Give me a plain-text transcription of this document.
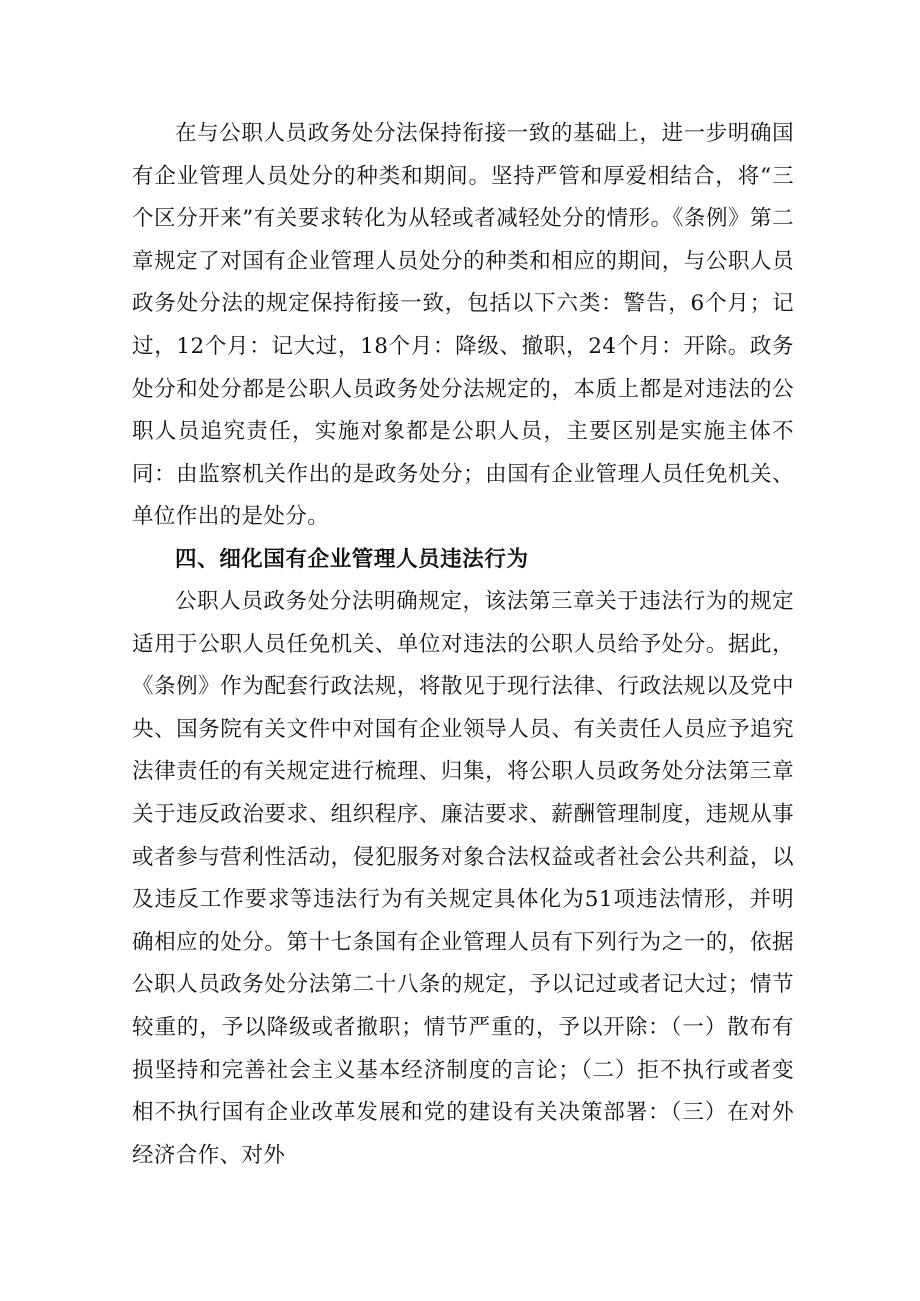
在与公职人员政务处分法保持衔接一致的基础上，进一步明确国有企业管理人员处分的种类和期间。坚持严管和厚爱相结合，将“三个区分开来”有关要求转化为从轻或者减轻处分的情形。《条例》第二章规定了对国有企业管理人员处分的种类和相应的期间，与公职人员政务处分法的规定保持衔接一致，包括以下六类：警告，6个月；记过，12个月：记大过，18个月：降级、撤职，24个月：开除。政务处分和处分都是公职人员政务处分法规定的，本质上都是对违法的公职人员追究责任，实施对象都是公职人员，主要区别是实施主体不同：由监察机关作出的是政务处分；由国有企业管理人员任免机关、单位作出的是处分。

四、细化国有企业管理人员违法行为

公职人员政务处分法明确规定，该法第三章关于违法行为的规定适用于公职人员任免机关、单位对违法的公职人员给予处分。据此，《条例》作为配套行政法规，将散见于现行法律、行政法规以及党中央、国务院有关文件中对国有企业领导人员、有关责任人员应予追究法律责任的有关规定进行梳理、归集，将公职人员政务处分法第三章关于违反政治要求、组织程序、廉洁要求、薪酬管理制度，违规从事或者参与营利性活动，侵犯服务对象合法权益或者社会公共利益，以及违反工作要求等违法行为有关规定具体化为51项违法情形，并明确相应的处分。第十七条国有企业管理人员有下列行为之一的，依据公职人员政务处分法第二十八条的规定，予以记过或者记大过；情节较重的，予以降级或者撤职；情节严重的，予以开除：（一）散布有损坚持和完善社会主义基本经济制度的言论；（二）拒不执行或者变相不执行国有企业改革发展和党的建设有关决策部署：（三）在对外经济合作、对外
